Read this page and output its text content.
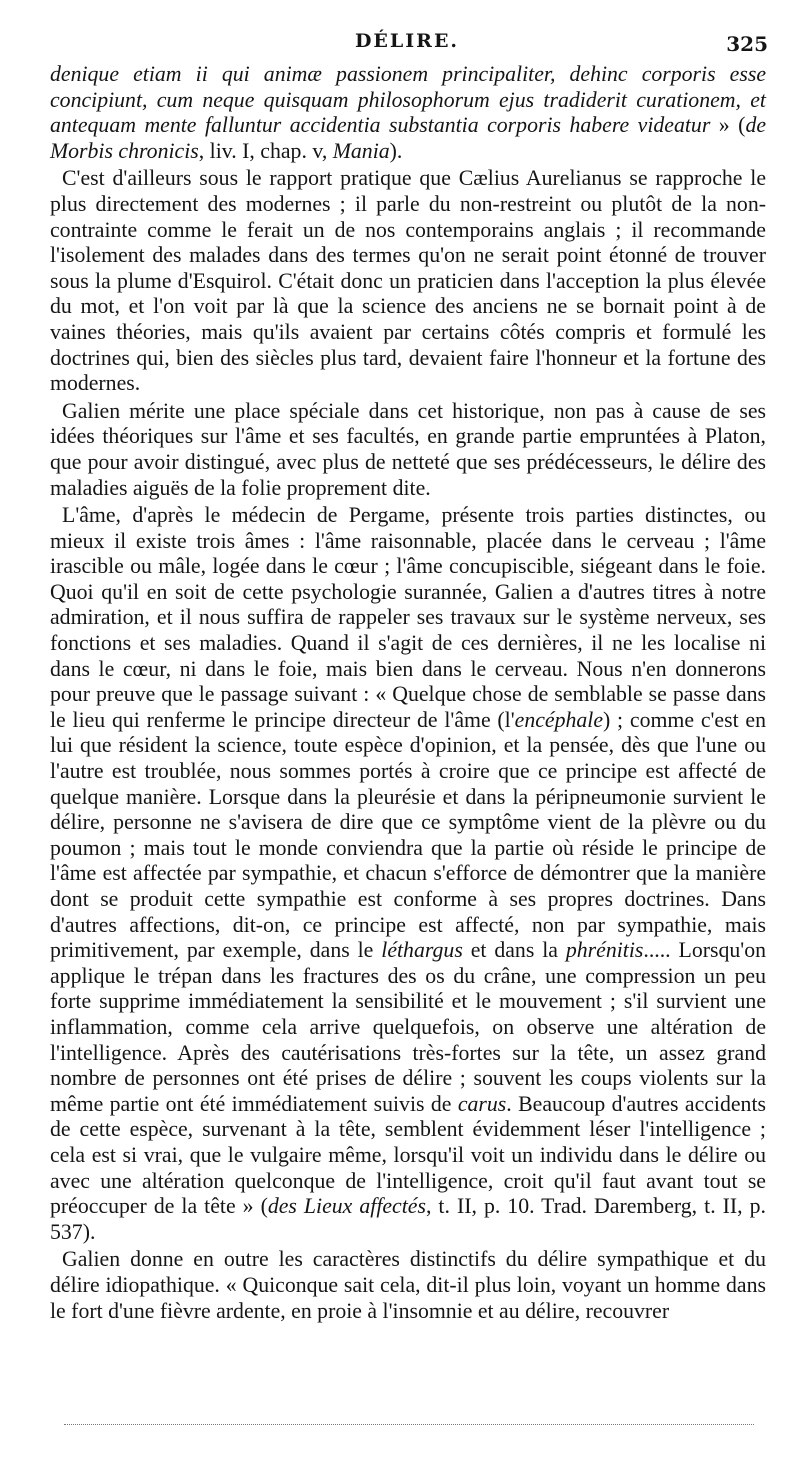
DÉLIRE.	325

denique etiam ii qui animæ passionem principaliter, dehinc corporis esse concipiunt, cum neque quisquam philosophorum ejus tradiderit curationem, et antequam mente falluntur accidentia substantia corporis habere videatur » (de Morbis chronicis, liv. I, chap. v, Mania).

C'est d'ailleurs sous le rapport pratique que Cælius Aurelianus se rapproche le plus directement des modernes ; il parle du non-restreint ou plutôt de la non-contrainte comme le ferait un de nos contemporains anglais ; il recommande l'isolement des malades dans des termes qu'on ne serait point étonné de trouver sous la plume d'Esquirol. C'était donc un praticien dans l'acception la plus élevée du mot, et l'on voit par là que la science des anciens ne se bornait point à de vaines théories, mais qu'ils avaient par certains côtés compris et formulé les doctrines qui, bien des siècles plus tard, devaient faire l'honneur et la fortune des modernes.

Galien mérite une place spéciale dans cet historique, non pas à cause de ses idées théoriques sur l'âme et ses facultés, en grande partie empruntées à Platon, que pour avoir distingué, avec plus de netteté que ses prédécesseurs, le délire des maladies aiguës de la folie proprement dite.

L'âme, d'après le médecin de Pergame, présente trois parties distinctes, ou mieux il existe trois âmes : l'âme raisonnable, placée dans le cerveau ; l'âme irascible ou mâle, logée dans le cœur ; l'âme concupiscible, siégeant dans le foie. Quoi qu'il en soit de cette psychologie surannée, Galien a d'autres titres à notre admiration, et il nous suffira de rappeler ses travaux sur le système nerveux, ses fonctions et ses maladies. Quand il s'agit de ces dernières, il ne les localise ni dans le cœur, ni dans le foie, mais bien dans le cerveau. Nous n'en donnerons pour preuve que le passage suivant : « Quelque chose de semblable se passe dans le lieu qui renferme le principe directeur de l'âme (l'encéphale) ; comme c'est en lui que résident la science, toute espèce d'opinion, et la pensée, dès que l'une ou l'autre est troublée, nous sommes portés à croire que ce principe est affecté de quelque manière. Lorsque dans la pleurésie et dans la péripneumonie survient le délire, personne ne s'avisera de dire que ce symptôme vient de la plèvre ou du poumon ; mais tout le monde conviendra que la partie où réside le principe de l'âme est affectée par sympathie, et chacun s'efforce de démontrer que la manière dont se produit cette sympathie est conforme à ses propres doctrines. Dans d'autres affections, dit-on, ce principe est affecté, non par sympathie, mais primitivement, par exemple, dans le léthargus et dans la phrénitis..... Lorsqu'on applique le trépan dans les fractures des os du crâne, une compression un peu forte supprime immédiatement la sensibilité et le mouvement ; s'il survient une inflammation, comme cela arrive quelquefois, on observe une altération de l'intelligence. Après des cautérisations très-fortes sur la tête, un assez grand nombre de personnes ont été prises de délire ; souvent les coups violents sur la même partie ont été immédiatement suivis de carus. Beaucoup d'autres accidents de cette espèce, survenant à la tête, semblent évidemment léser l'intelligence ; cela est si vrai, que le vulgaire même, lorsqu'il voit un individu dans le délire ou avec une altération quelconque de l'intelligence, croit qu'il faut avant tout se préoccuper de la tête » (des Lieux affectés, t. II, p. 10. Trad. Daremberg, t. II, p. 537).

Galien donne en outre les caractères distinctifs du délire sympathique et du délire idiopathique. « Quiconque sait cela, dit-il plus loin, voyant un homme dans le fort d'une fièvre ardente, en proie à l'insomnie et au délire, recouvrer
